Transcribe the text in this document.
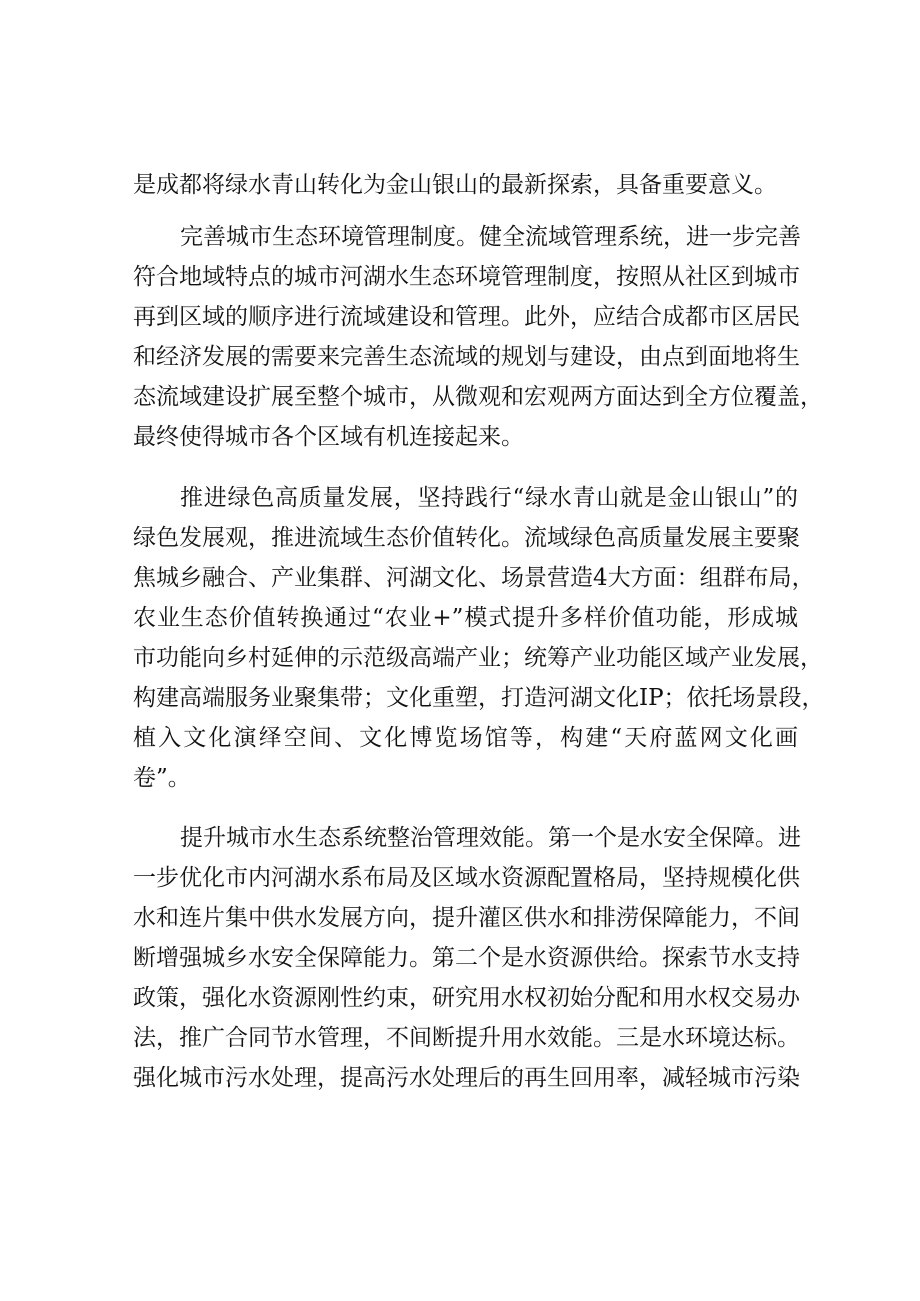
是成都将绿水青山转化为金山银山的最新探索，具备重要意义。
完善城市生态环境管理制度。健全流域管理系统，进一步完善
符合地域特点的城市河湖水生态环境管理制度，按照从社区到城市
再到区域的顺序进行流域建设和管理。此外，应结合成都市区居民
和经济发展的需要来完善生态流域的规划与建设，由点到面地将生
态流域建设扩展至整个城市，从微观和宏观两方面达到全方位覆盖，
最终使得城市各个区域有机连接起来。
推进绿色高质量发展，坚持践行“绿水青山就是金山银山”的
绿色发展观，推进流域生态价值转化。流域绿色高质量发展主要聚
焦城乡融合、产业集群、河湖文化、场景营造4大方面：组群布局，
农业生态价值转换通过“农业+”模式提升多样价值功能，形成城
市功能向乡村延伸的示范级高端产业；统筹产业功能区域产业发展，
构建高端服务业聚集带；文化重塑，打造河湖文化IP；依托场景段，
植入文化演绎空间、文化博览场馆等，构建“天府蓝网文化画
卷”。
提升城市水生态系统整治管理效能。第一个是水安全保障。进
一步优化市内河湖水系布局及区域水资源配置格局，坚持规模化供
水和连片集中供水发展方向，提升灌区供水和排涝保障能力，不间
断增强城乡水安全保障能力。第二个是水资源供给。探索节水支持
政策，强化水资源刚性约束，研究用水权初始分配和用水权交易办
法，推广合同节水管理，不间断提升用水效能。三是水环境达标。
强化城市污水处理，提高污水处理后的再生回用率，减轻城市污染
